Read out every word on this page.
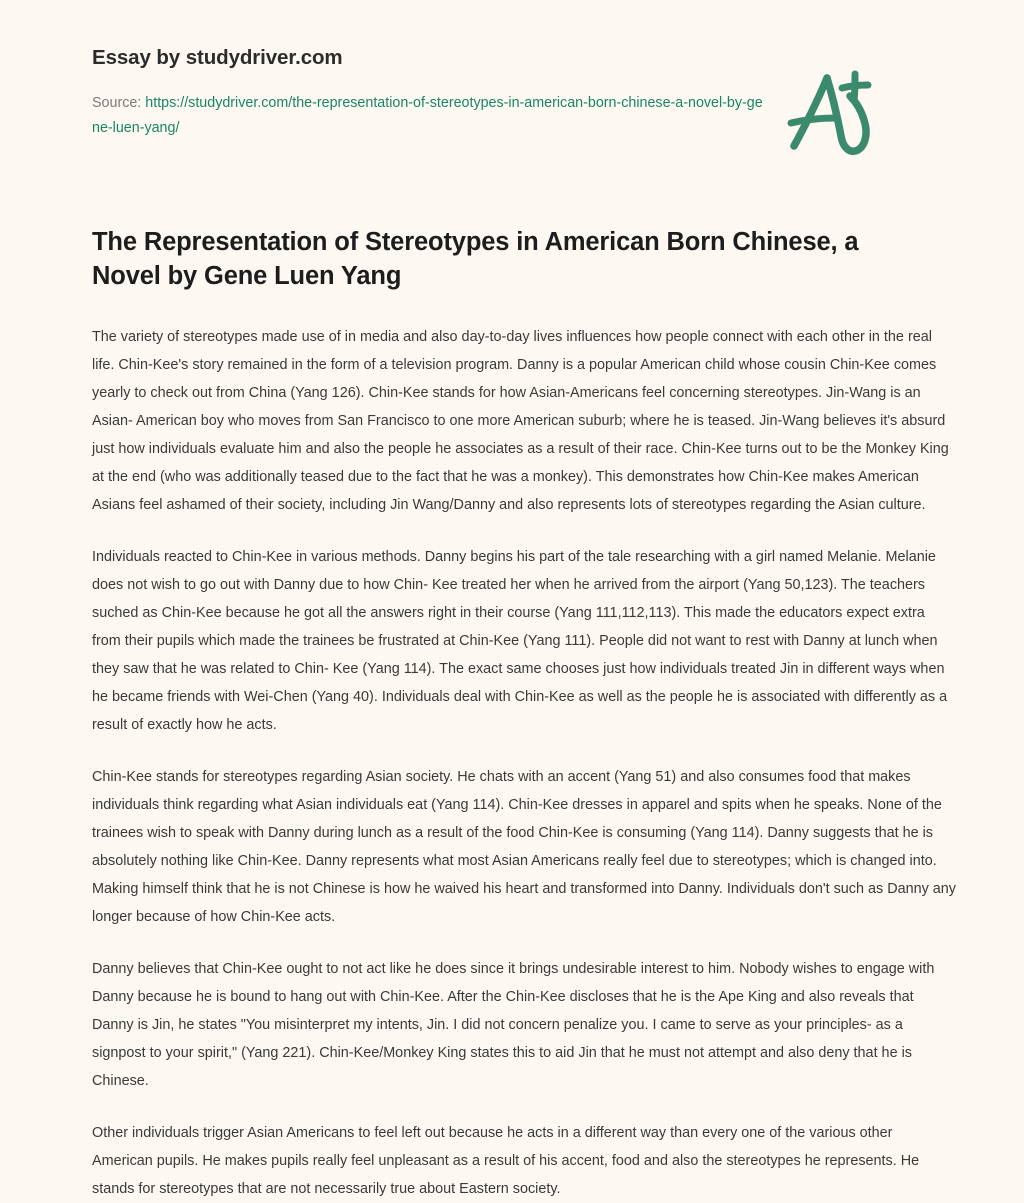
Essay by studydriver.com
Source: https://studydriver.com/the-representation-of-stereotypes-in-american-born-chinese-a-novel-by-gene-luen-yang/
The Representation of Stereotypes in American Born Chinese, a Novel by Gene Luen Yang

The variety of stereotypes made use of in media and also day-to-day lives influences how people connect with each other in the real life. Chin-Kee's story remained in the form of a television program. Danny is a popular American child whose cousin Chin-Kee comes yearly to check out from China (Yang 126). Chin-Kee stands for how Asian-Americans feel concerning stereotypes. Jin-Wang is an Asian- American boy who moves from San Francisco to one more American suburb; where he is teased. Jin-Wang believes it's absurd just how individuals evaluate him and also the people he associates as a result of their race. Chin-Kee turns out to be the Monkey King at the end (who was additionally teased due to the fact that he was a monkey). This demonstrates how Chin-Kee makes American Asians feel ashamed of their society, including Jin Wang/Danny and also represents lots of stereotypes regarding the Asian culture.

Individuals reacted to Chin-Kee in various methods. Danny begins his part of the tale researching with a girl named Melanie. Melanie does not wish to go out with Danny due to how Chin- Kee treated her when he arrived from the airport (Yang 50,123). The teachers suched as Chin-Kee because he got all the answers right in their course (Yang 111,112,113). This made the educators expect extra from their pupils which made the trainees be frustrated at Chin-Kee (Yang 111). People did not want to rest with Danny at lunch when they saw that he was related to Chin- Kee (Yang 114). The exact same chooses just how individuals treated Jin in different ways when he became friends with Wei-Chen (Yang 40). Individuals deal with Chin-Kee as well as the people he is associated with differently as a result of exactly how he acts.

Chin-Kee stands for stereotypes regarding Asian society. He chats with an accent (Yang 51) and also consumes food that makes individuals think regarding what Asian individuals eat (Yang 114). Chin-Kee dresses in apparel and spits when he speaks. None of the trainees wish to speak with Danny during lunch as a result of the food Chin-Kee is consuming (Yang 114). Danny suggests that he is absolutely nothing like Chin-Kee. Danny represents what most Asian Americans really feel due to stereotypes; which is changed into. Making himself think that he is not Chinese is how he waived his heart and transformed into Danny. Individuals don't such as Danny any longer because of how Chin-Kee acts.

Danny believes that Chin-Kee ought to not act like he does since it brings undesirable interest to him. Nobody wishes to engage with Danny because he is bound to hang out with Chin-Kee. After the Chin-Kee discloses that he is the Ape King and also reveals that Danny is Jin, he states "You misinterpret my intents, Jin. I did not concern penalize you. I came to serve as your principles- as a signpost to your spirit," (Yang 221). Chin-Kee/Monkey King states this to aid Jin that he must not attempt and also deny that he is Chinese.

Other individuals trigger Asian Americans to feel left out because he acts in a different way than every one of the various other American pupils. He makes pupils really feel unpleasant as a result of his accent, food and also the stereotypes he represents. He stands for stereotypes that are not necessarily true about Eastern society.
